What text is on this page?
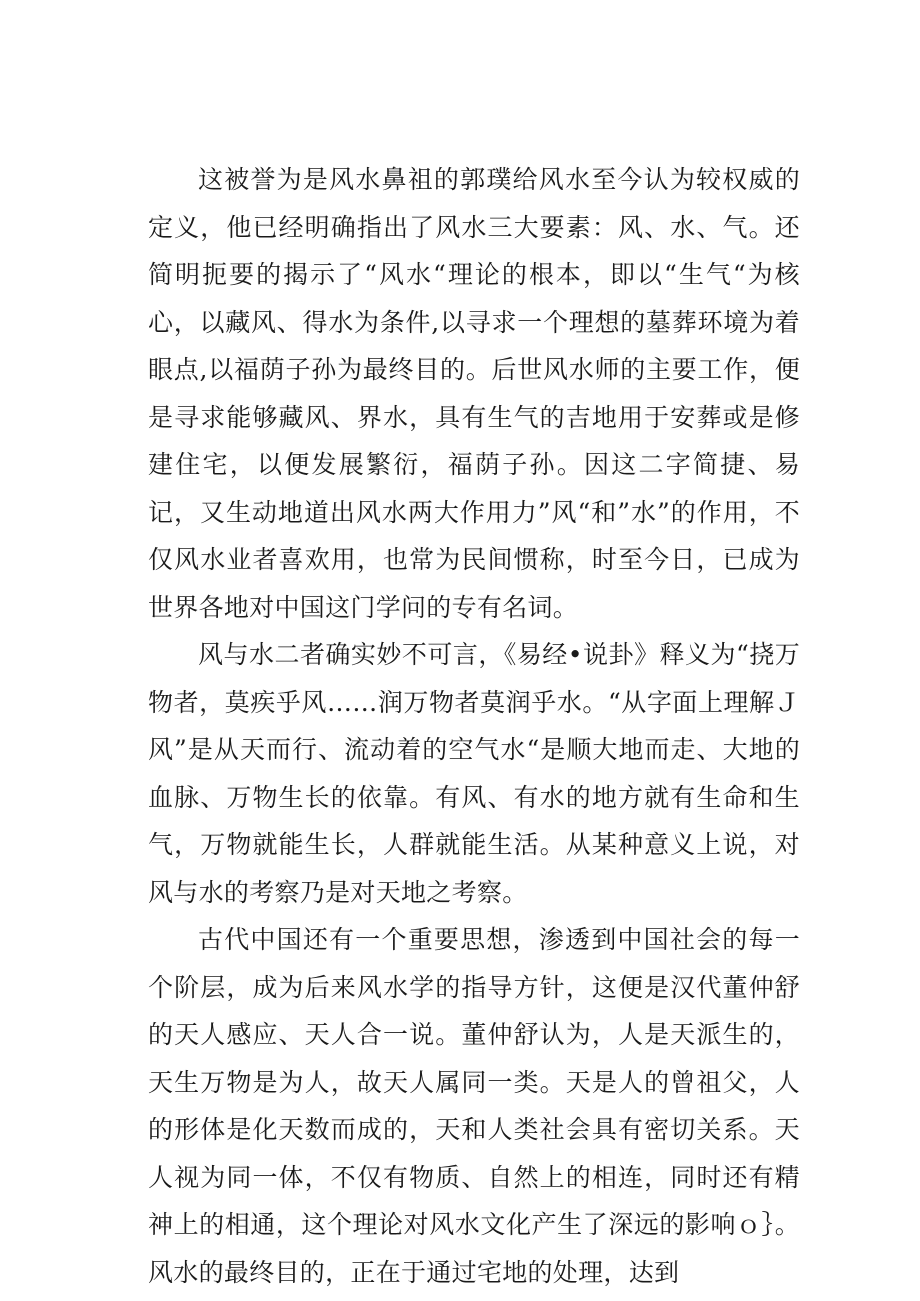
这被誉为是风水鼻祖的郭璞给风水至今认为较权威的定义，他已经明确指出了风水三大要素：风、水、气。还简明扼要的揭示了“风水“理论的根本，即以“生气“为核心，以藏风、得水为条件,以寻求一个理想的墓葬环境为着眼点,以福荫子孙为最终目的。后世风水师的主要工作，便是寻求能够藏风、界水，具有生气的吉地用于安葬或是修建住宅，以便发展繁衍，福荫子孙。因这二字简捷、易记，又生动地道出风水两大作用力”风“和”水”的作用，不仅风水业者喜欢用，也常为民间惯称，时至今日，已成为世界各地对中国这门学问的专有名词。

风与水二者确实妙不可言，《易经•说卦》释义为“挠万物者，莫疾乎风……润万物者莫润乎水。“从字面上理解Ｊ风”是从天而行、流动着的空气水“是顺大地而走、大地的血脉、万物生长的依靠。有风、有水的地方就有生命和生气，万物就能生长，人群就能生活。从某种意义上说，对风与水的考察乃是对天地之考察。

古代中国还有一个重要思想，渗透到中国社会的每一个阶层，成为后来风水学的指导方针，这便是汉代董仲舒的天人感应、天人合一说。董仲舒认为，人是天派生的，天生万物是为人，故天人属同一类。天是人的曾祖父，人的形体是化天数而成的，天和人类社会具有密切关系。天人视为同一体，不仅有物质、自然上的相连，同时还有精神上的相通，这个理论对风水文化产生了深远的影响ｏ｝。风水的最终目的，正在于通过宅地的处理，达到
